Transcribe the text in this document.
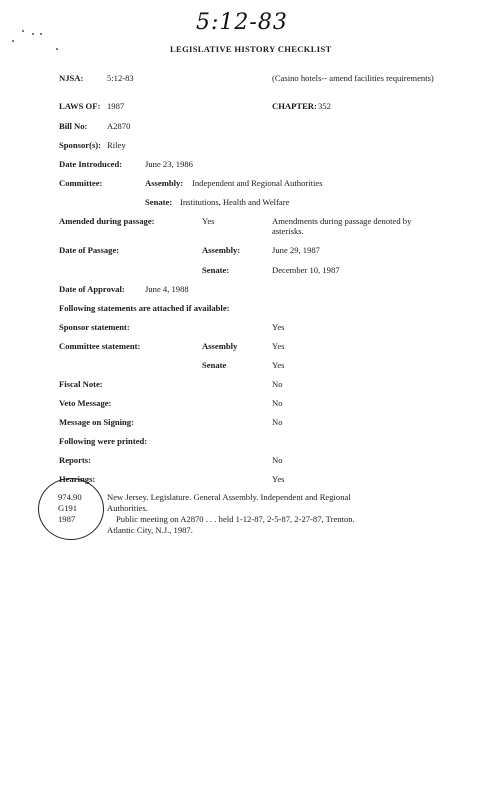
5:12-83
LEGISLATIVE HISTORY CHECKLIST
NJSA:	5:12-83	(Casino hotels-- amend facilities requirements)
LAWS OF: 1987	CHAPTER: 352
Bill No: A2870
Sponsor(s): Riley
Date Introduced:	June 23, 1986
Committee:	Assembly: Independent and Regional Authorities
Senate: Institutions, Health and Welfare
Amended during passage:	Yes	Amendments during passage denoted by asterisks.
Date of Passage:	Assembly:	June 29, 1987
Senate:	December 10, 1987
Date of Approval: June 4, 1988
Following statements are attached if available:
Sponsor statement:	Yes
Committee statement:	Assembly	Yes
Senate	Yes
Fiscal Note:	No
Veto Message:	No
Message on Signing:	No
Following were printed:
Reports:	No
Hearings:	Yes
974.90
G191
1987
New Jersey. Legislature. General Assembly. Independent and Regional
Authorities.
Public meeting on A2870 . . . held 1-12-87, 2-5-87, 2-27-87, Trenton.
Atlantic City, N.J., 1987.
